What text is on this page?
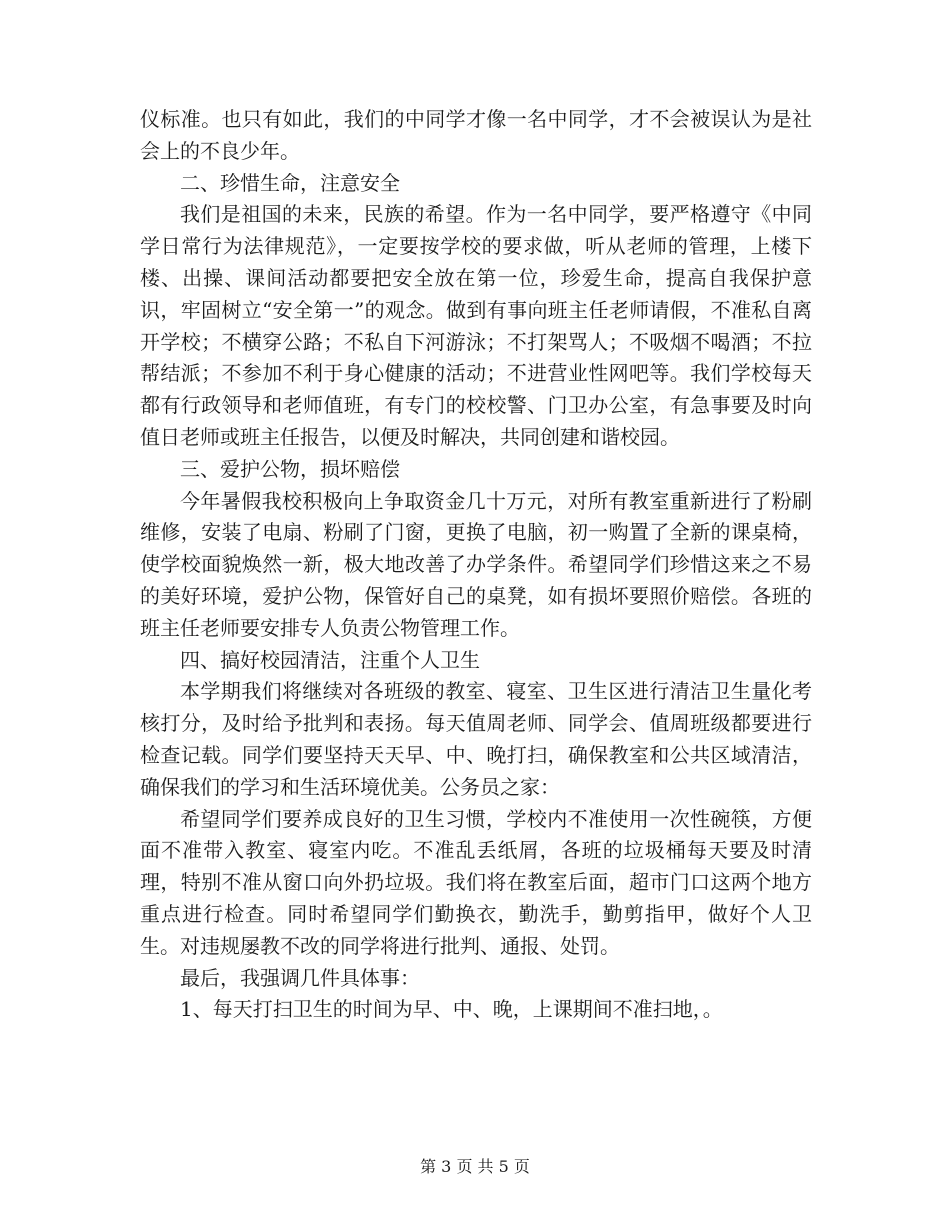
仪标准。也只有如此，我们的中同学才像一名中同学，才不会被误认为是社会上的不良少年。

二、珍惜生命，注意安全

我们是祖国的未来，民族的希望。作为一名中同学，要严格遵守《中同学日常行为法律规范》，一定要按学校的要求做，听从老师的管理，上楼下楼、出操、课间活动都要把安全放在第一位，珍爱生命，提高自我保护意识，牢固树立“安全第一”的观念。做到有事向班主任老师请假，不准私自离开学校；不横穿公路；不私自下河游泳；不打架骂人；不吸烟不喝酒；不拉帮结派；不参加不利于身心健康的活动；不进营业性网吧等。我们学校每天都有行政领导和老师值班，有专门的校校警、门卫办公室，有急事要及时向值日老师或班主任报告，以便及时解决，共同创建和谐校园。

三、爱护公物，损坏赔偿

今年暑假我校积极向上争取资金几十万元，对所有教室重新进行了粉刷维修，安装了电扇、粉刷了门窗，更换了电脑，初一购置了全新的课桌椅，使学校面貌焕然一新，极大地改善了办学条件。希望同学们珍惜这来之不易的美好环境，爱护公物，保管好自己的桌凳，如有损坏要照价赔偿。各班的班主任老师要安排专人负责公物管理工作。

四、搞好校园清洁，注重个人卫生

本学期我们将继续对各班级的教室、寝室、卫生区进行清洁卫生量化考核打分，及时给予批判和表扬。每天值周老师、同学会、值周班级都要进行检查记载。同学们要坚持天天早、中、晚打扫，确保教室和公共区域清洁，确保我们的学习和生活环境优美。公务员之家：

希望同学们要养成良好的卫生习惯，学校内不准使用一次性碗筷，方便面不准带入教室、寝室内吃。不准乱丢纸屑，各班的垃圾桶每天要及时清理，特别不准从窗口向外扔垃圾。我们将在教室后面，超市门口这两个地方重点进行检查。同时希望同学们勤换衣，勤洗手，勤剪指甲，做好个人卫生。对违规屡教不改的同学将进行批判、通报、处罚。

最后，我强调几件具体事：

1、每天打扫卫生的时间为早、中、晚，上课期间不准扫地，。

第 3 页 共 5 页
